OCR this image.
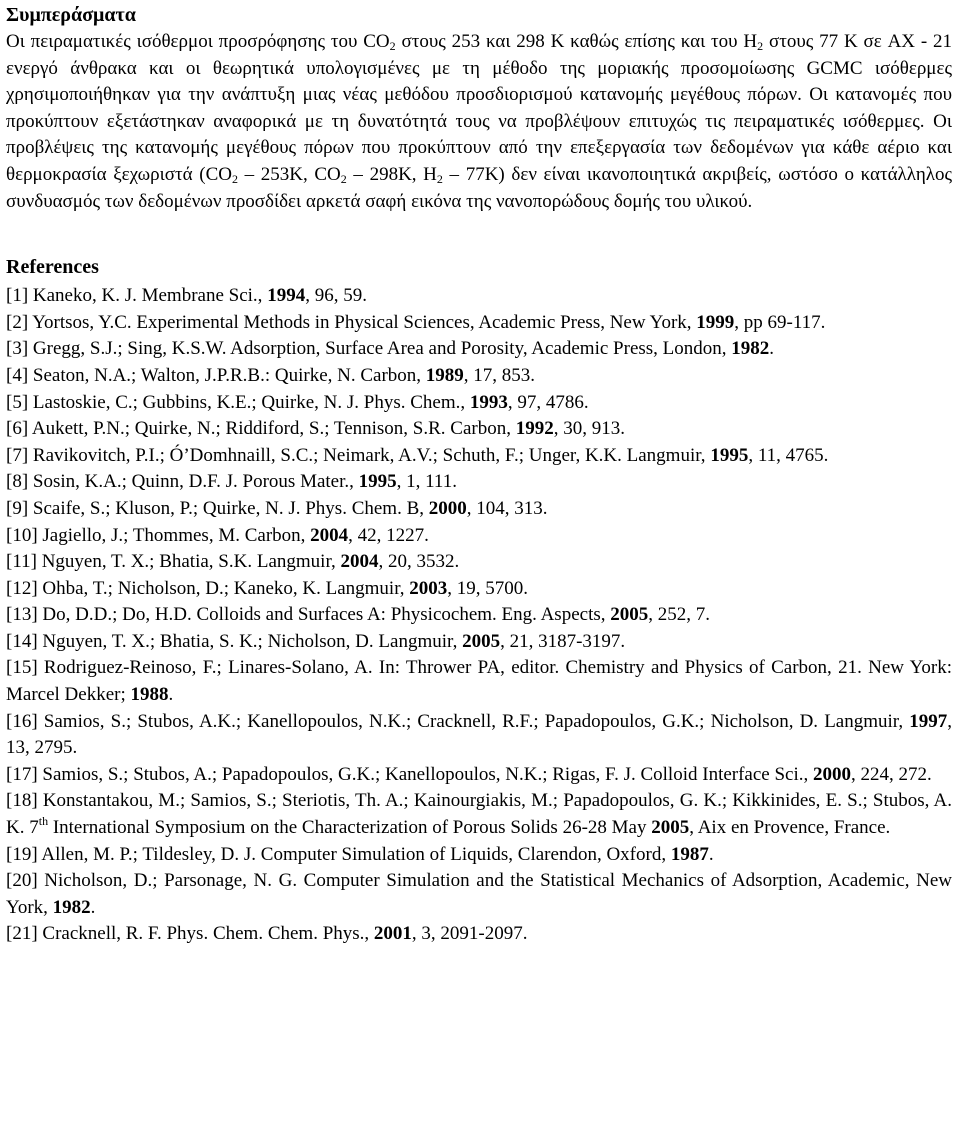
Συμπεράσματα

Οι πειραματικές ισόθερμοι προσρόφησης του $CO_2$ στους 253 και 298 K καθώς επίσης και του $H_2$ στους 77 K σε AX - 21 ενεργό άνθρακα και οι θεωρητικά υπολογισμένες με τη μέθοδο της μοριακής προσομοίωσης GCMC ισόθερμες χρησιμοποιήθηκαν για την ανάπτυξη μιας νέας μεθόδου προσδιορισμού κατανομής μεγέθους πόρων. Οι κατανομές που προκύπτουν εξετάστηκαν αναφορικά με τη δυνατότητά τους να προβλέψουν επιτυχώς τις πειραματικές ισόθερμες. Οι προβλέψεις της κατανομής μεγέθους πόρων που προκύπτουν από την επεξεργασία των δεδομένων για κάθε αέριο και θερμοκρασία ξεχωριστά ($CO_2 - 253K$, $CO_2 - 298K$, $H_2 - 77K$) δεν είναι ικανοποιητικά ακριβείς, ωστόσο ο κατάλληλος συνδυασμός των δεδομένων προσδίδει αρκετά σαφή εικόνα της νανοπορώδους δομής του υλικού.

References
[1] Kaneko, K. J. Membrane Sci., 1994, 96, 59.
[2] Yortsos, Y.C. Experimental Methods in Physical Sciences, Academic Press, New York, 1999, pp 69-117.
[3] Gregg, S.J.; Sing, K.S.W. Adsorption, Surface Area and Porosity, Academic Press, London, 1982.
[4] Seaton, N.A.; Walton, J.P.R.B.: Quirke, N. Carbon, 1989, 17, 853.
[5] Lastoskie, C.; Gubbins, K.E.; Quirke, N. J. Phys. Chem., 1993, 97, 4786.
[6] Aukett, P.N.; Quirke, N.; Riddiford, S.; Tennison, S.R. Carbon, 1992, 30, 913.
[7] Ravikovitch, P.I.; Ó’Domhnaill, S.C.; Neimark, A.V.; Schuth, F.; Unger, K.K. Langmuir, 1995, 11, 4765.
[8] Sosin, K.A.; Quinn, D.F. J. Porous Mater., 1995, 1, 111.
[9] Scaife, S.; Kluson, P.; Quirke, N. J. Phys. Chem. B, 2000, 104, 313.
[10] Jagiello, J.; Thommes, M. Carbon, 2004, 42, 1227.
[11] Nguyen, T. X.; Bhatia, S.K. Langmuir, 2004, 20, 3532.
[12] Ohba, T.; Nicholson, D.; Kaneko, K. Langmuir, 2003, 19, 5700.
[13] Do, D.D.; Do, H.D. Colloids and Surfaces A: Physicochem. Eng. Aspects, 2005, 252, 7.
[14] Nguyen, T. X.; Bhatia, S. K.; Nicholson, D. Langmuir, 2005, 21, 3187-3197.
[15] Rodriguez-Reinoso, F.; Linares-Solano, A. In: Thrower PA, editor. Chemistry and Physics of Carbon, 21. New York: Marcel Dekker; 1988.
[16] Samios, S.; Stubos, A.K.; Kanellopoulos, N.K.; Cracknell, R.F.; Papadopoulos, G.K.; Nicholson, D. Langmuir, 1997, 13, 2795.
[17] Samios, S.; Stubos, A.; Papadopoulos, G.K.; Kanellopoulos, N.K.; Rigas, F. J. Colloid Interface Sci., 2000, 224, 272.
[18] Konstantakou, M.; Samios, S.; Steriotis, Th. A.; Kainourgiakis, M.; Papadopoulos, G. K.; Kikkinides, E. S.; Stubos, A. K. 7th International Symposium on the Characterization of Porous Solids 26-28 May 2005, Aix en Provence, France.
[19] Allen, M. P.; Tildesley, D. J. Computer Simulation of Liquids, Clarendon, Oxford, 1987.
[20] Nicholson, D.; Parsonage, N. G. Computer Simulation and the Statistical Mechanics of Adsorption, Academic, New York, 1982.
[21] Cracknell, R. F. Phys. Chem. Chem. Phys., 2001, 3, 2091-2097.
